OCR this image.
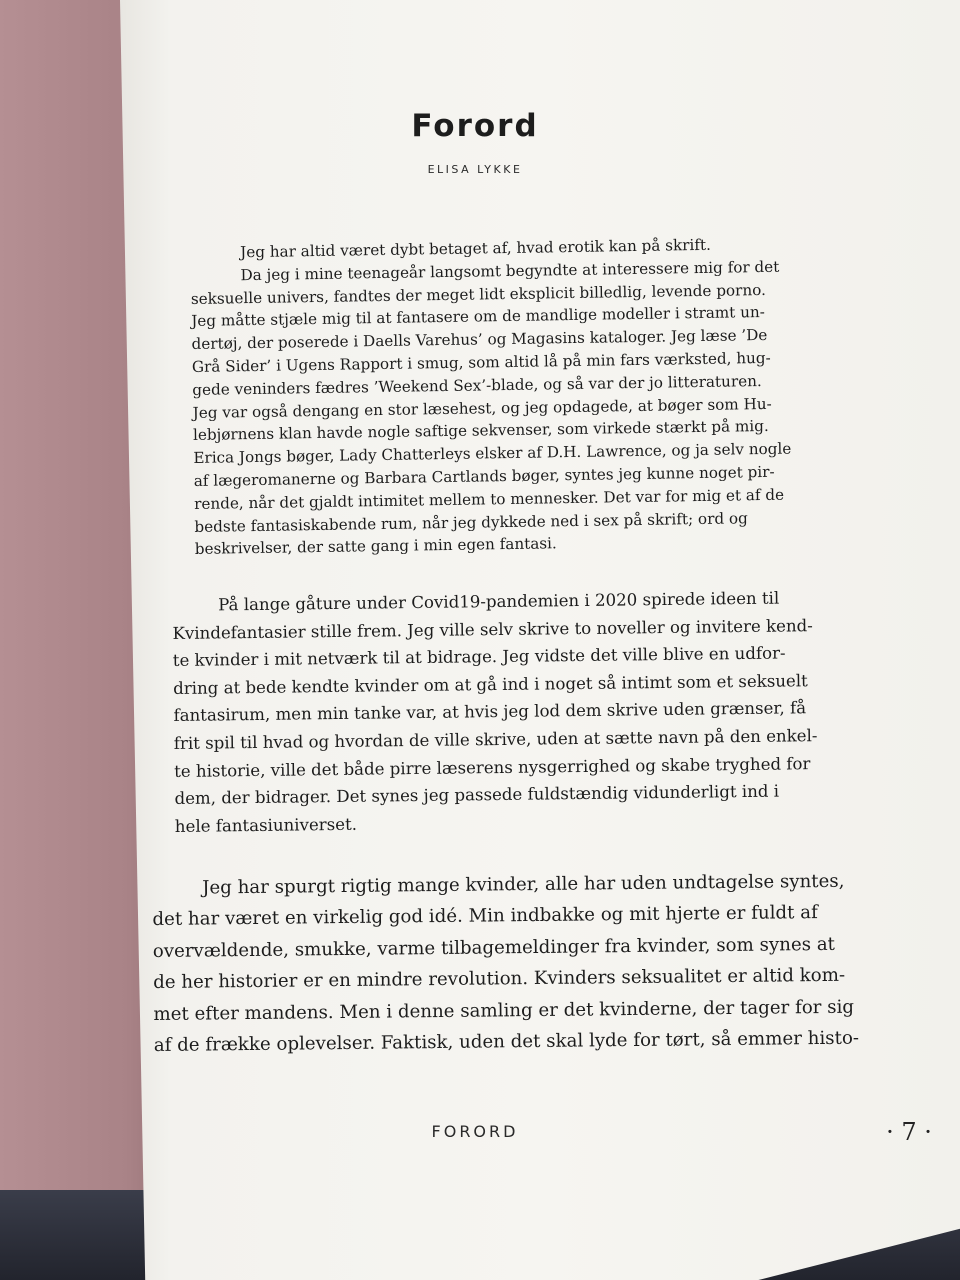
Forord
ELISA LYKKE

Jeg har altid været dybt betaget af, hvad erotik kan på skrift.
Da jeg i mine teenageår langsomt begyndte at interessere mig for det
seksuelle univers, fandtes der meget lidt eksplicit billedlig, levende porno.
Jeg måtte stjæle mig til at fantasere om de mandlige modeller i stramt un-
dertøj, der poserede i Daells Varehus’ og Magasins kataloger. Jeg læse ’De
Grå Sider’ i Ugens Rapport i smug, som altid lå på min fars værksted, hug-
gede veninders fædres ’Weekend Sex’-blade, og så var der jo litteraturen.
Jeg var også dengang en stor læsehest, og jeg opdagede, at bøger som Hu-
lebjørnens klan havde nogle saftige sekvenser, som virkede stærkt på mig.
Erica Jongs bøger, Lady Chatterleys elsker af D.H. Lawrence, og ja selv nogle
af lægeromanerne og Barbara Cartlands bøger, syntes jeg kunne noget pir-
rende, når det gjaldt intimitet mellem to mennesker. Det var for mig et af de
bedste fantasiskabende rum, når jeg dykkede ned i sex på skrift; ord og
beskrivelser, der satte gang i min egen fantasi.

På lange gåture under Covid19-pandemien i 2020 spirede ideen til
Kvindefantasier stille frem. Jeg ville selv skrive to noveller og invitere kend-
te kvinder i mit netværk til at bidrage. Jeg vidste det ville blive en udfor-
dring at bede kendte kvinder om at gå ind i noget så intimt som et seksuelt
fantasirum, men min tanke var, at hvis jeg lod dem skrive uden grænser, få
frit spil til hvad og hvordan de ville skrive, uden at sætte navn på den enkel-
te historie, ville det både pirre læserens nysgerrighed og skabe tryghed for
dem, der bidrager. Det synes jeg passede fuldstændig vidunderligt ind i
hele fantasiuniverset.

Jeg har spurgt rigtig mange kvinder, alle har uden undtagelse syntes,
det har været en virkelig god idé. Min indbakke og mit hjerte er fuldt af
overvældende, smukke, varme tilbagemeldinger fra kvinder, som synes at
de her historier er en mindre revolution. Kvinders seksualitet er altid kom-
met efter mandens. Men i denne samling er det kvinderne, der tager for sig
af de frække oplevelser. Faktisk, uden det skal lyde for tørt, så emmer histo-

FORORD	· 7 ·
